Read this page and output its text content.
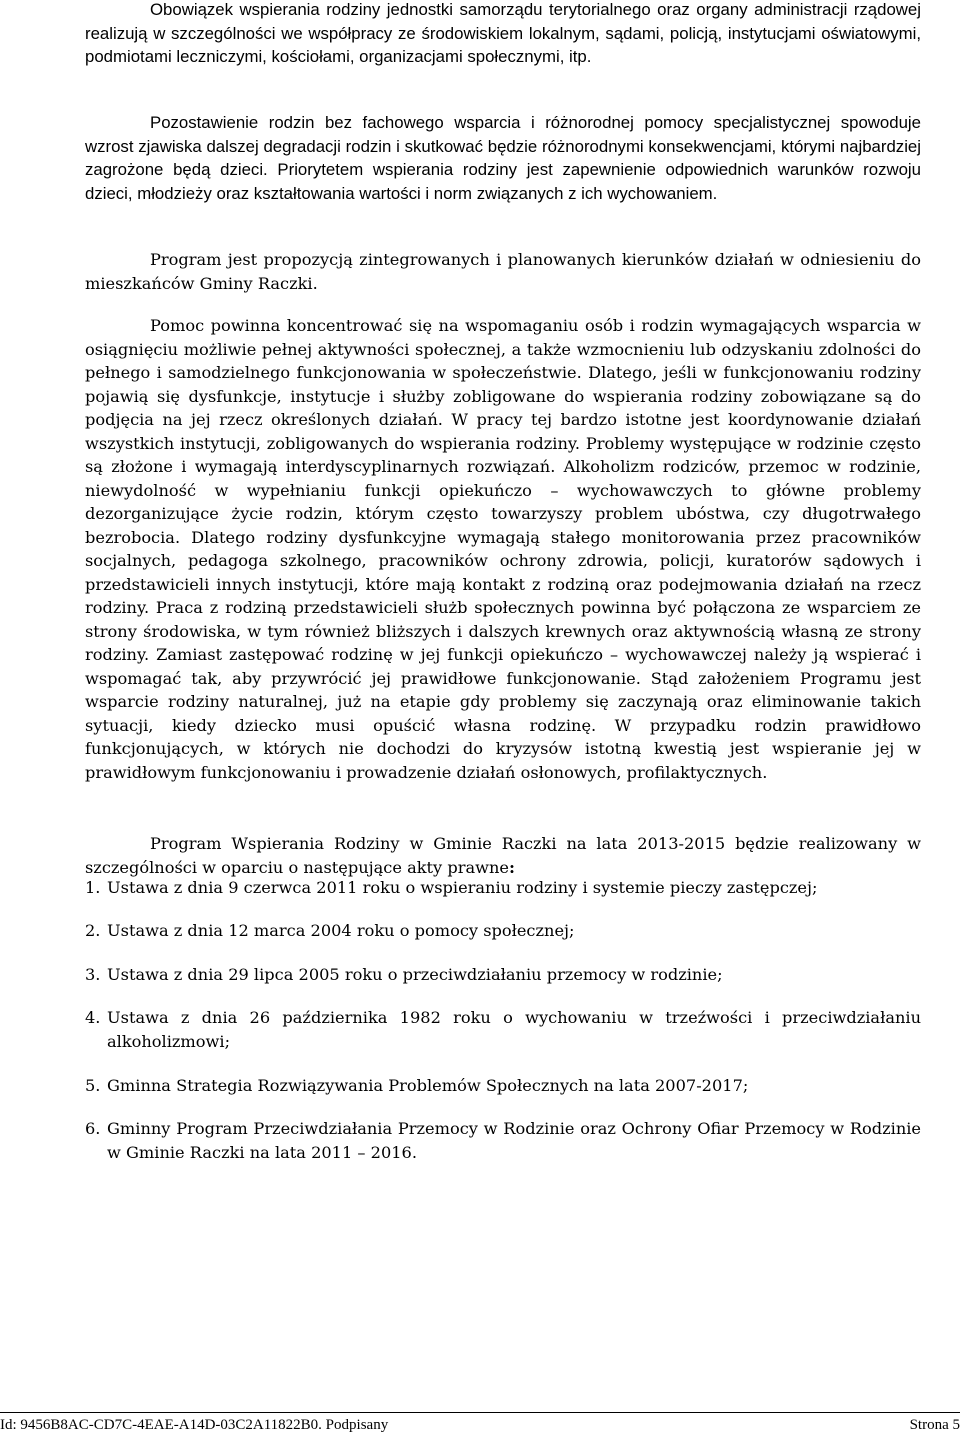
Obowiązek wspierania rodziny jednostki samorządu terytorialnego oraz organy administracji rządowej realizują w szczególności we współpracy ze środowiskiem lokalnym, sądami, policją, instytucjami oświatowymi, podmiotami leczniczymi, kościołami, organizacjami społecznymi, itp.

Pozostawienie rodzin bez fachowego wsparcia i różnorodnej pomocy specjalistycznej spowoduje wzrost zjawiska dalszej degradacji rodzin i skutkować będzie różnorodnymi konsekwencjami, którymi najbardziej zagrożone będą dzieci. Priorytetem wspierania rodziny jest zapewnienie odpowiednich warunków rozwoju dzieci, młodzieży oraz kształtowania wartości i norm związanych z ich wychowaniem.

Program jest propozycją zintegrowanych i planowanych kierunków działań w odniesieniu do mieszkańców Gminy Raczki.

Pomoc powinna koncentrować się na wspomaganiu osób i rodzin wymagających wsparcia w osiągnięciu możliwie pełnej aktywności społecznej, a także wzmocnieniu lub odzyskaniu zdolności do pełnego i samodzielnego funkcjonowania w społeczeństwie. Dlatego, jeśli w funkcjonowaniu rodziny pojawią się dysfunkcje, instytucje i służby zobligowane do wspierania rodziny zobowiązane są do podjęcia na jej rzecz określonych działań. W pracy tej bardzo istotne jest koordynowanie działań wszystkich instytucji, zobligowanych do wspierania rodziny. Problemy występujące w rodzinie często są złożone i wymagają interdyscyplinarnych rozwiązań. Alkoholizm rodziców, przemoc w rodzinie, niewydolność w wypełnianiu funkcji opiekuńczo – wychowawczych to główne problemy dezorganizujące życie rodzin, którym często towarzyszy problem ubóstwa, czy długotrwałego bezrobocia. Dlatego rodziny dysfunkcyjne wymagają stałego monitorowania przez pracowników socjalnych, pedagoga szkolnego, pracowników ochrony zdrowia, policji, kuratorów sądowych i przedstawicieli innych instytucji, które mają kontakt z rodziną oraz podejmowania działań na rzecz rodziny. Praca z rodziną przedstawicieli służb społecznych powinna być połączona ze wsparciem ze strony środowiska, w tym również bliższych i dalszych krewnych oraz aktywnością własną ze strony rodziny. Zamiast zastępować rodzinę w jej funkcji opiekuńczo – wychowawczej należy ją wspierać i wspomagać tak, aby przywrócić jej prawidłowe funkcjonowanie. Stąd założeniem Programu jest wsparcie rodziny naturalnej, już na etapie gdy problemy się zaczynają oraz eliminowanie takich sytuacji, kiedy dziecko musi opuścić własna rodzinę. W przypadku rodzin prawidłowo funkcjonujących, w których nie dochodzi do kryzysów istotną kwestią jest wspieranie jej w prawidłowym funkcjonowaniu i prowadzenie działań osłonowych, profilaktycznych.

Program Wspierania Rodziny w Gminie Raczki na lata 2013-2015 będzie realizowany w szczególności w oparciu o następujące akty prawne:

1. Ustawa z dnia 9 czerwca 2011 roku o wspieraniu rodziny i systemie pieczy zastępczej;
2. Ustawa z dnia 12 marca 2004 roku o pomocy społecznej;
3. Ustawa z dnia 29 lipca 2005 roku o przeciwdziałaniu przemocy w rodzinie;
4. Ustawa z dnia 26 października 1982 roku o wychowaniu w trzeźwości i przeciwdziałaniu alkoholizmowi;
5. Gminna Strategia Rozwiązywania Problemów Społecznych na lata 2007-2017;
6. Gminny Program Przeciwdziałania Przemocy w Rodzinie oraz Ochrony Ofiar Przemocy w Rodzinie w Gminie Raczki na lata 2011 – 2016.
Id: 9456B8AC-CD7C-4EAE-A14D-03C2A11822B0. Podpisany	Strona 5
